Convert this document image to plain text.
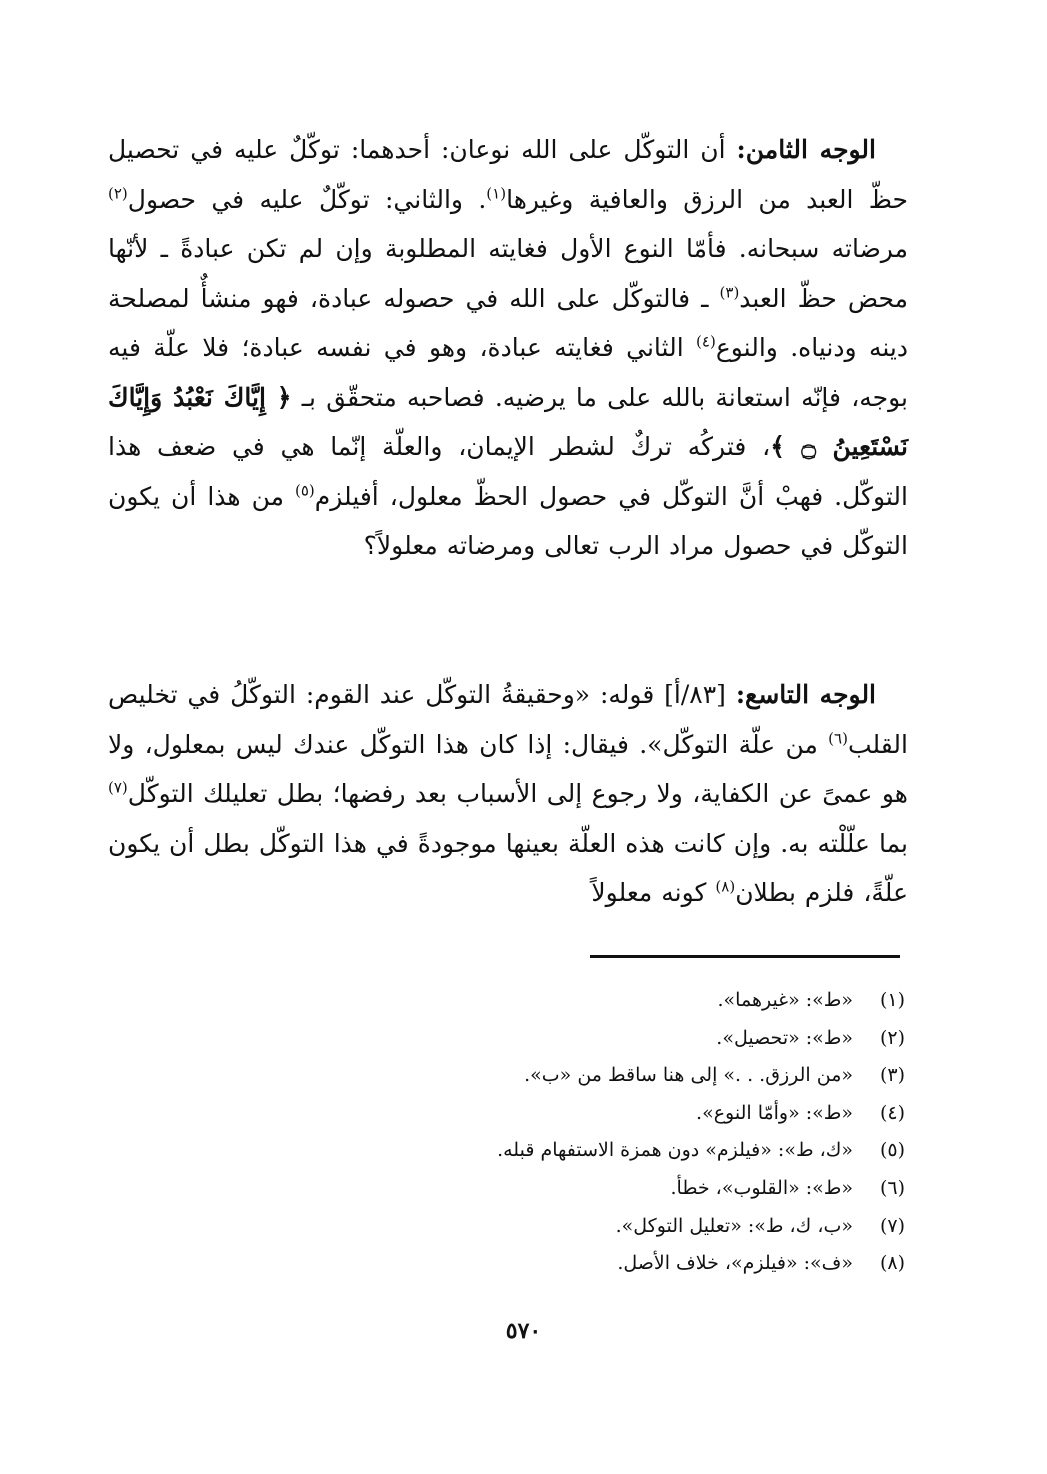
الوجه الثامن: أن التوكّل على الله نوعان: أحدهما: توكّلٌ عليه في تحصيل حظّ العبد من الرزق والعافية وغيرها$^{(١)}$. والثاني: توكّلٌ عليه في حصول$^{(٢)}$ مرضاته سبحانه. فأمّا النوع الأول فغايته المطلوبة وإن لم تكن عبادةً ـ لأنّها محض حظّ العبد$^{(٣)}$ ـ فالتوكّل على الله في حصوله عبادة، فهو منشأٌ لمصلحة دينه ودنياه. والنوع$^{(٤)}$ الثاني فغايته عبادة، وهو في نفسه عبادة؛ فلا علّة فيه بوجه، فإنّه استعانة بالله على ما يرضيه. فصاحبه متحقّق بـ ﴿ إِيَّاكَ نَعْبُدُ وَإِيَّاكَ نَسْتَعِينُ ۝ ﴾، فتركُه تركٌ لشطر الإيمان، والعلّة إنّما هي في ضعف هذا التوكّل. فهبْ أنَّ التوكّل في حصول الحظّ معلول، أفيلزم$^{(٥)}$ من هذا أن يكون التوكّل في حصول مراد الرب تعالى ومرضاته معلولاً؟

الوجه التاسع: [٨٣/أ] قوله: «وحقيقةُ التوكّل عند القوم: التوكّلُ في تخليص القلب$^{(٦)}$ من علّة التوكّل». فيقال: إذا كان هذا التوكّل عندك ليس بمعلول، ولا هو عمىً عن الكفاية، ولا رجوع إلى الأسباب بعد رفضها؛ بطل تعليلك التوكّل$^{(٧)}$ بما علّلْته به. وإن كانت هذه العلّة بعينها موجودةً في هذا التوكّل بطل أن يكون علّةً، فلزم بطلان$^{(٨)}$ كونه معلولاً

(١)«ط»: «غيرهما».
(٢)«ط»: «تحصيل».
(٣)«من الرزق. . .» إلى هنا ساقط من «ب».
(٤)«ط»: «وأمّا النوع».
(٥)«ك، ط»: «فيلزم» دون همزة الاستفهام قبله.
(٦)«ط»: «القلوب»، خطأ.
(٧)«ب، ك، ط»: «تعليل التوكل».
(٨)«ف»: «فيلزم»، خلاف الأصل.
٥٧٠
